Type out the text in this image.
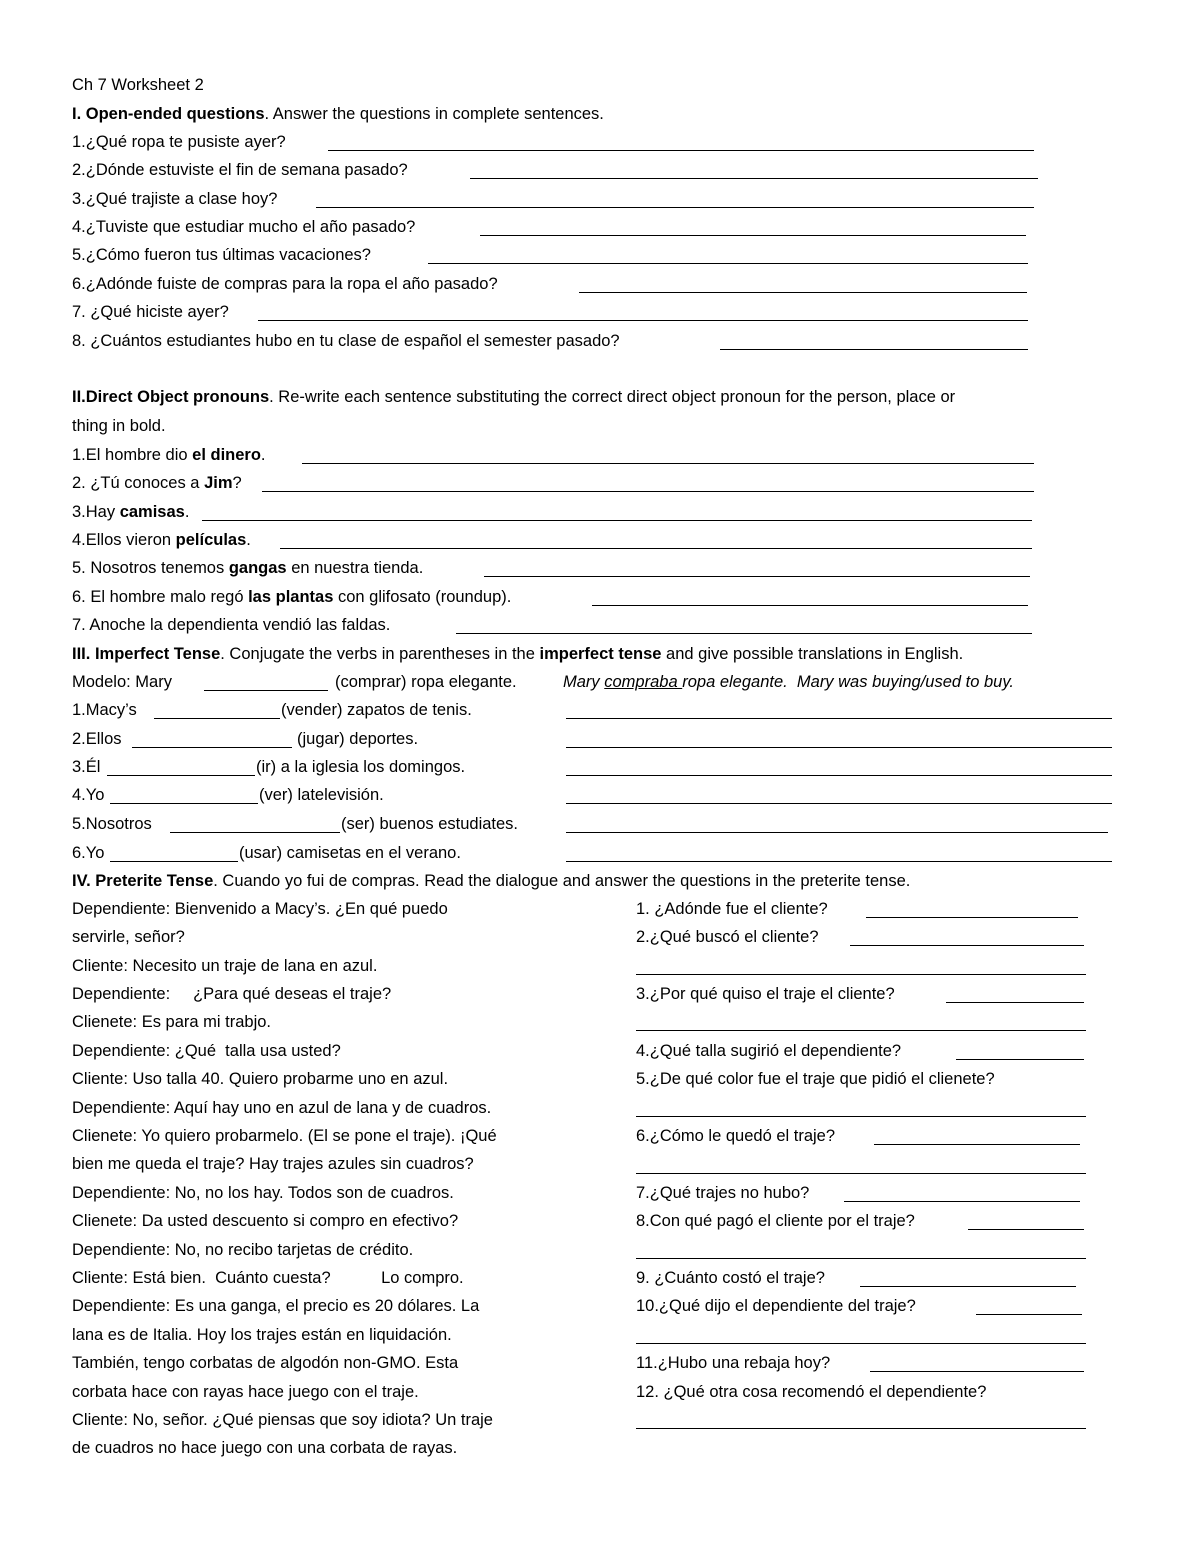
Ch 7 Worksheet 2
I. Open-ended questions. Answer the questions in complete sentences.
1.¿Qué ropa te pusiste ayer?
2.¿Dónde estuviste el fin de semana pasado?
3.¿Qué trajiste a clase hoy?
4.¿Tuviste que estudiar mucho el año pasado?
5.¿Cómo fueron tus últimas vacaciones?
6.¿Adónde fuiste de compras para la ropa el año pasado?
7. ¿Qué hiciste ayer?
8. ¿Cuántos estudiantes hubo en tu clase de español el semester pasado?
II.Direct Object pronouns. Re-write each sentence substituting the correct direct object pronoun for the person, place or
thing in bold.
1.El hombre dio el dinero.
2. ¿Tú conoces a Jim?
3.Hay camisas.
4.Ellos vieron películas.
5. Nosotros tenemos gangas en nuestra tienda.
6. El hombre malo regó las plantas con glifosato (roundup).
7. Anoche la dependienta vendió las faldas.
III. Imperfect Tense. Conjugate the verbs in parentheses in the imperfect tense and give possible translations in English.
Modelo: Mary	(comprar) ropa elegante.	Mary compraba ropa elegante.  Mary was buying/used to buy.
1.Macy’s	(vender) zapatos de tenis.
2.Ellos	(jugar) deportes.
3.Él	(ir) a la iglesia los domingos.
4.Yo	(ver) latelevisión.
5.Nosotros	(ser) buenos estudiates.
6.Yo	(usar) camisetas en el verano.
IV. Preterite Tense. Cuando yo fui de compras. Read the dialogue and answer the questions in the preterite tense.
Dependiente: Bienvenido a Macy’s. ¿En qué puedo
servirle, señor?
Cliente: Necesito un traje de lana en azul.
Dependiente:     ¿Para qué deseas el traje?
Clienete: Es para mi trabjo.
Dependiente: ¿Qué  talla usa usted?
Cliente: Uso talla 40. Quiero probarme uno en azul.
Dependiente: Aquí hay uno en azul de lana y de cuadros.
Clienete: Yo quiero probarmelo. (El se pone el traje). ¡Qué
bien me queda el traje? Hay trajes azules sin cuadros?
Dependiente: No, no los hay. Todos son de cuadros.
Clienete: Da usted descuento si compro en efectivo?
Dependiente: No, no recibo tarjetas de crédito.
Cliente: Está bien.  Cuánto cuesta?           Lo compro.
Dependiente: Es una ganga, el precio es 20 dólares. La
lana es de Italia. Hoy los trajes están en liquidación.
También, tengo corbatas de algodón non-GMO. Esta
corbata hace con rayas hace juego con el traje.
Cliente: No, señor. ¿Qué piensas que soy idiota? Un traje
de cuadros no hace juego con una corbata de rayas.
1. ¿Adónde fue el cliente?
2.¿Qué buscó el cliente?
3.¿Por qué quiso el traje el cliente?
4.¿Qué talla sugirió el dependiente?
5.¿De qué color fue el traje que pidió el clienete?
6.¿Cómo le quedó el traje?
7.¿Qué trajes no hubo?
8.Con qué pagó el cliente por el traje?
9. ¿Cuánto costó el traje?
10.¿Qué dijo el dependiente del traje?
11.¿Hubo una rebaja hoy?
12. ¿Qué otra cosa recomendó el dependiente?
